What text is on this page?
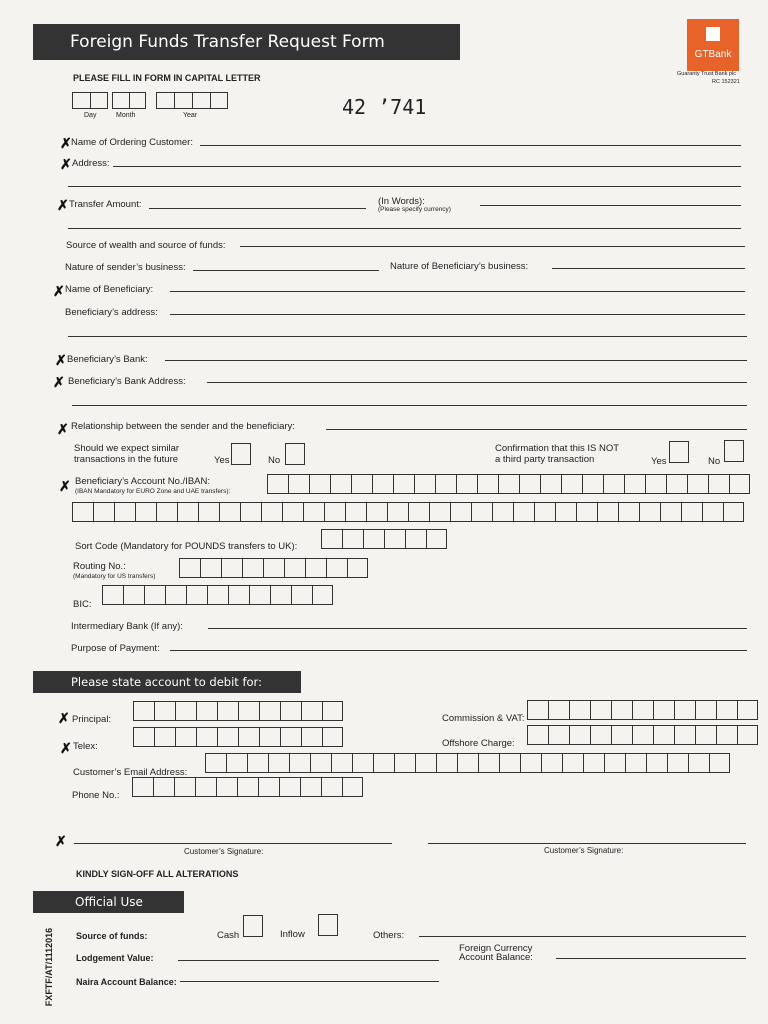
Foreign Funds Transfer Request Form
GTBank
Guaranty Trust Bank plc
RC 152321
PLEASE FILL IN FORM IN CAPITAL LETTER
Day	Month	Year	42 ’741
✗ Name of Ordering Customer:
✗ Address:
✗ Transfer Amount:	(In Words):
(Please specify currency)
Source of wealth and source of funds:
Nature of sender’s business:	Nature of Beneficiary’s business:
✗ Name of Beneficiary:
Beneficiary’s address:
✗ Beneficiary’s Bank:
✗ Beneficiary’s Bank Address:
✗ Relationship between the sender and the beneficiary:
Should we expect similar
transactions in the future	Yes	No
Confirmation that this IS NOT
a third party transaction	Yes	No
✗ Beneficiary’s Account No./IBAN:
(IBAN Mandatory for EURO Zone and UAE transfers):
Sort Code (Mandatory for POUNDS transfers to UK):
Routing No.:
(Mandatory for US transfers)
BIC:
Intermediary Bank (If any):
Purpose of Payment:
Please state account to debit for:
✗ Principal:	Commission & VAT:
✗ Telex:	Offshore Charge:
Customer’s Email Address:
Phone No.:
✗
Customer’s Signature:	Customer’s Signature:
KINDLY SIGN-OFF ALL ALTERATIONS
Official Use
FXFTF/AT/1112016 Source of funds:	Cash	Inflow	Others:
Lodgement Value:
Foreign Currency
Account Balance:
Naira Account Balance:
